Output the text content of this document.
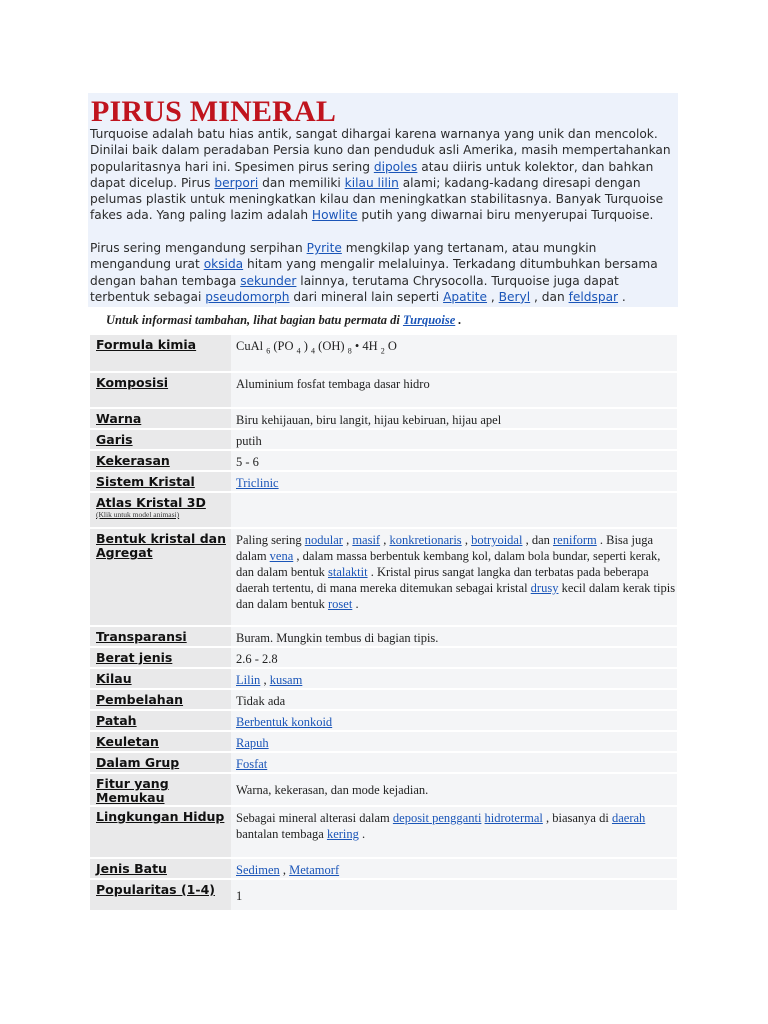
PIRUS MINERAL

Turquoise adalah batu hias antik, sangat dihargai karena warnanya yang unik dan mencolok. Dinilai baik dalam peradaban Persia kuno dan penduduk asli Amerika, masih mempertahankan popularitasnya hari ini. Spesimen pirus sering dipoles atau diiris untuk kolektor, dan bahkan dapat dicelup. Pirus berpori dan memiliki kilau lilin alami; kadang-kadang diresapi dengan pelumas plastik untuk meningkatkan kilau dan meningkatkan stabilitasnya. Banyak Turquoise fakes ada. Yang paling lazim adalah Howlite putih yang diwarnai biru menyerupai Turquoise.

Pirus sering mengandung serpihan Pyrite mengkilap yang tertanam, atau mungkin mengandung urat oksida hitam yang mengalir melaluinya. Terkadang ditumbuhkan bersama dengan bahan tembaga sekunder lainnya, terutama Chrysocolla. Turquoise juga dapat terbentuk sebagai pseudomorph dari mineral lain seperti Apatite , Beryl , dan feldspar .

Untuk informasi tambahan, lihat bagian batu permata di Turquoise .

Formula kimia	CuAl $_6$ (PO $_4$ ) $_4$ (OH) $_8$ • 4H $_2$ O
Komposisi	Aluminium fosfat tembaga dasar hidro
Warna	Biru kehijauan, biru langit, hijau kebiruan, hijau apel
Garis	putih
Kekerasan	5 - 6
Sistem Kristal	Triclinic
Atlas Kristal 3D
(Klik untuk model animasi)	

Bentuk kristal dan Agregat	Paling sering nodular , masif , konkretionaris , botryoidal , dan reniform . Bisa juga dalam vena , dalam massa berbentuk kembang kol, dalam bola bundar, seperti kerak, dan dalam bentuk stalaktit . Kristal pirus sangat langka dan terbatas pada beberapa daerah tertentu, di mana mereka ditemukan sebagai kristal drusy kecil dalam kerak tipis dan dalam bentuk roset .
Transparansi	Buram. Mungkin tembus di bagian tipis.
Berat jenis	2.6 - 2.8
Kilau	Lilin , kusam
Pembelahan	Tidak ada
Patah	Berbentuk konkoid
Keuletan	Rapuh
Dalam Grup	Fosfat
Fitur yang Memukau	Warna, kekerasan, dan mode kejadian.
Lingkungan Hidup	Sebagai mineral alterasi dalam deposit pengganti hidrotermal , biasanya di daerah bantalan tembaga kering .
Jenis Batu	Sedimen , Metamorf
Popularitas (1-4)	1
